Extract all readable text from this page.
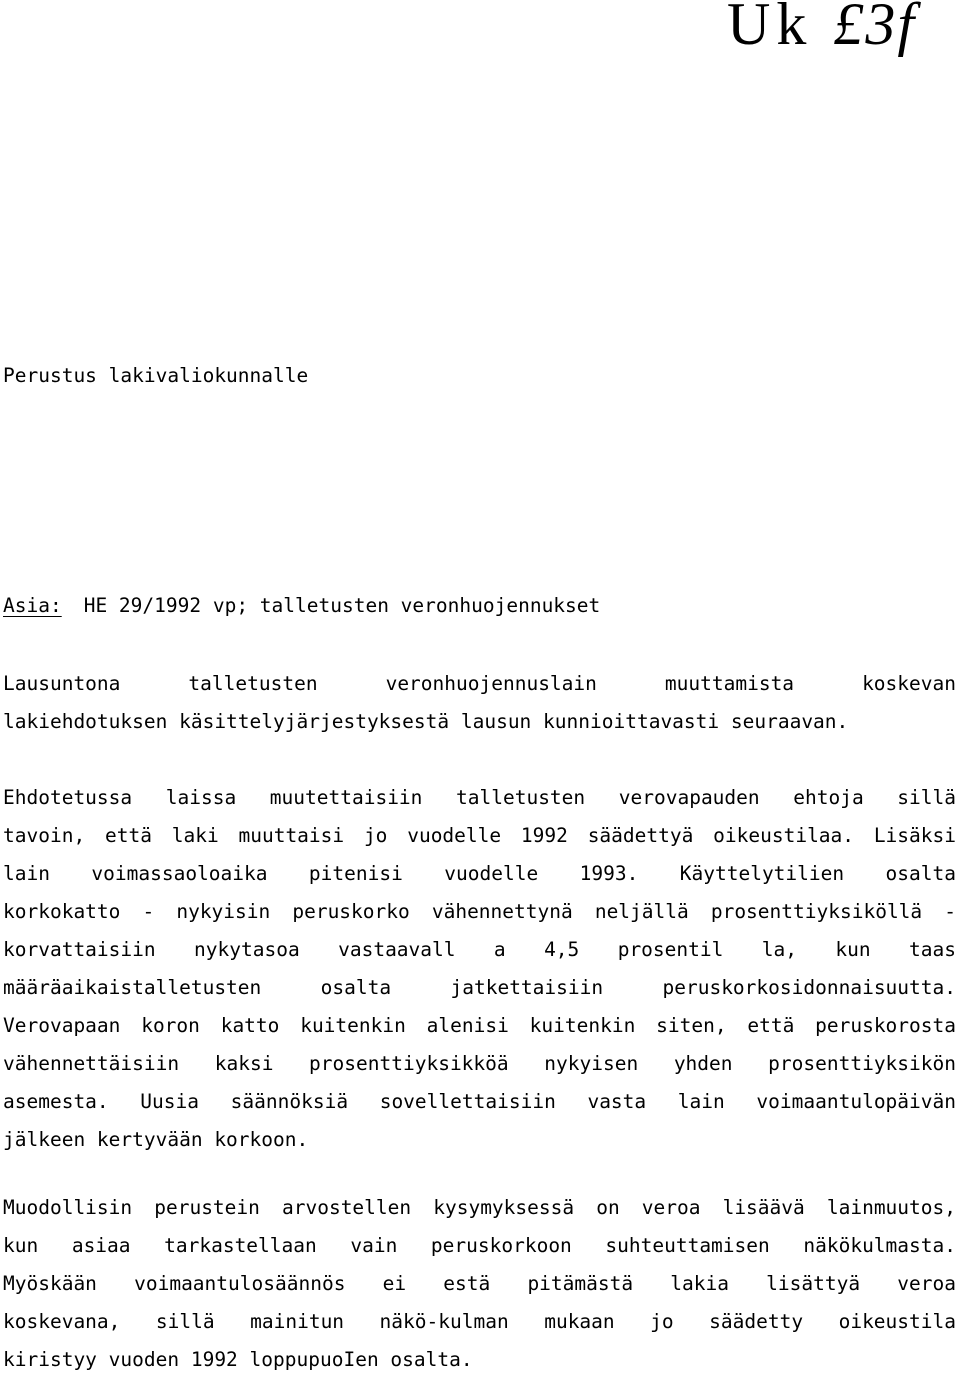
Uk £3f
Perustus lakivaliokunnalle
Asia: HE 29/1992 vp; talletusten veronhuojennukset
Lausuntona talletusten veronhuojennuslain muuttamista koskevan
lakiehdotuksen käsittelyjärjestyksestä lausun kunnioittavasti seuraavan.
Ehdotetussa laissa muutettaisiin talletusten verovapauden ehtoja sillä
tavoin, että laki muuttaisi jo vuodelle 1992 säädettyä oikeustilaa. Lisäksi
lain voimassaoloaika pitenisi vuodelle 1993. Käyttelytilien osalta
korkokatto - nykyisin peruskorko vähennettynä neljällä prosenttiyksiköllä -
korvattaisiin nykytasoa vastaavall a 4,5 prosentil la, kun taas
määräaikaistalletusten osalta jatkettaisiin peruskorkosidonnaisuutta.
Verovapaan koron katto kuitenkin alenisi kuitenkin siten, että peruskorosta
vähennettäisiin kaksi prosenttiyksikköä nykyisen yhden prosenttiyksikön
asemesta. Uusia säännöksiä sovellettaisiin vasta lain voimaantulopäivän
jälkeen kertyvään korkoon.
Muodollisin perustein arvostellen kysymyksessä on veroa lisäävä lainmuutos,
kun asiaa tarkastellaan vain peruskorkoon suhteuttamisen näkökulmasta.
Myöskään voimaantulosäännös ei estä pitämästä lakia lisättyä veroa
koskevana, sillä mainitun näkö-kulman mukaan jo säädetty oikeustila
kiristyy vuoden 1992 loppupuoIen osalta.
